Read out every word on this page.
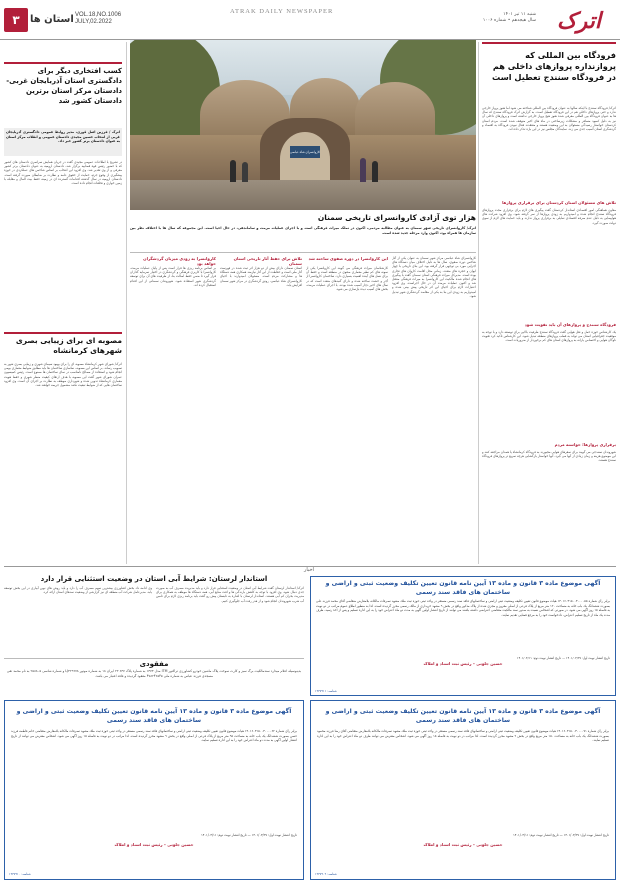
۳	استان ها VOL.18,NO.1006
JULY,02.2022
ATRAK DAILY NEWSPAPER	شنبه ۱۱ تیر ۱۴۰۱
سال هیجدهم • شماره ۱۰۰۶ اترک
فرودگاه بین المللی که پروازنداره پروازهای داخلی هم در فرودگاه سنندج تعطیل است
اترک/ فرودگاه سنندج با اینکه سالها به عنوان فرودگاه بین المللی شناخته می شود اما هنوز پرواز خارجی ندارد و حتی پروازهای داخلی هم در این فرودگاه تعطیل است. به گزارش اترک فرودگاه سنندج که سال ها به عنوان فرودگاه بین المللی معرفی شده هنوز هیچ پرواز خارجی نداشته است و پروازهای داخلی آن نیز به دلیل کمبود مسافر و مشکلات زیرساختی در ماه های اخیر متوقف شده است. مردم استان کردستان خواستار رسیدگی مسئولان به این وضعیت هستند و معتقدند فعال نبودن فرودگاه به اقتصاد و گردشگری استان آسیب جدی می زند. نمایندگان مجلس نیز در این باره تذکر داده اند.
تلاش های مسئولان استان کردستان برای برقراری پروازها
معاون هماهنگی امور اقتصادی استاندار کردستان گفت پیگیری های لازم برای برقراری مجدد پروازهای فرودگاه سنندج انجام شده و امیدواریم به زودی پروازها از سر گرفته شود. وی افزود شرکت های هواپیمایی به دلیل عدم صرفه اقتصادی تمایلی به برقراری پرواز ندارند و باید حمایت های لازم از سوی دولت صورت گیرد.
فرودگاه سنندج و پروازهای آن باید تقویت شود
یک کارشناس حوزه حمل و نقل هوایی گفت فرودگاه سنندج ظرفیت بالایی برای توسعه دارد و با توجه به موقعیت جغرافیایی استان می تواند به قطب پروازهای منطقه تبدیل شود. این کارشناس تاکید کرد تقویت ناوگان هوایی و اختصاص یارانه به پروازهای استان های کم برخوردار از ضروریات است.
برقراری پروازها؛ خواسته مردم
شهروندان سنندجی می گویند برای سفرهای هوایی مجبورند به فرودگاه کرمانشاه یا همدان مراجعه کنند و این موضوع هزینه و زمان زیادی از آنها می گیرد. آنها خواستار بازگشایی هرچه سریع تر پروازهای فرودگاه سنندج هستند.
کاروانسرای شاه عباسی
هزار توی آزادی کاروانسرای تاریخی سمنان
اترک/ کاروانسرای تاریخی شهر سمنان به عنوان مطالبه مردمی، اکنون در تملک میراث فرهنگی است و با اجرای عملیات مرمت و ساماندهی، در حال احیا است. این مجموعه که سال ها با اختلاف نظر بین سازمان ها همراه بود، اکنون وارد مرحله جدید شده است.
کاروانسرای شاه عباسی مرکز شهر سمنان به عنوان یکی از آثار شاخص دوره صفوی، سال ها به دلیل اختلاف میان دستگاه های اجرایی مورد بی توجهی قرار گرفته بود. این بنای تاریخی با چهار ایوان و حجره های متعدد، زمانی محل اقامت کاروان های تجاری بوده است. مدیرکل میراث فرهنگی استان سمنان گفت با پیگیری های انجام شده مالکیت این کاروانسرا به میراث فرهنگی منتقل شد و اکنون عملیات مرمت آن در حال اجراست. وی افزود اعتبارات لازم برای احیای این اثر تاریخی پیش بینی شده و امیدواریم به زودی این بنا به یکی از مقاصد گردشگری شهر تبدیل شود.
این کاروانسرا در دوره صفوی ساخته شد
کارشناسان میراث فرهنگی می گویند این کاروانسرا یکی از نمونه های کم نظیر معماری صفوی در منطقه است و حفظ آن برای نسل های آینده اهمیت بسیاری دارد. ساختمان کاروانسرا از آجر و خشت ساخته شده و دارای گنبدهای متعدد است که در سال های اخیر دچار آسیب شده بودند. با اجرای عملیات مرمت، بخش های آسیب دیده بازسازی می شود.
تلاش برای حفظ آثار تاریخی استان سمنان
استان سمنان دارای بیش از دو هزار اثر ثبت شده در فهرست آثار ملی است و حفاظت از این آثار نیازمند همکاری همه دستگاه ها و مشارکت مردم است. مسئولان امیدوارند با احیای کاروانسرای شاه عباسی، رونق گردشگری در مرکز شهر سمنان افزایش یابد.
کاروانسرا به زودی میزبان گردشگران خواهد بود
بر اساس برنامه ریزی ها قرار است پس از پایان عملیات مرمت، کاروانسرا با کاربری فرهنگی و گردشگری در اختیار سرمایه گذاران قرار گیرد تا ضمن حفظ اصالت بنا، از ظرفیت های آن برای توسعه گردشگری شهر استفاده شود. شهروندان سمنانی از این اقدام استقبال کرده اند.
کسب افتخاری دیگر برای دادگستری استان آذربایجان غربی- دادستان مرکز استان برترین دادستان کشور شد
اترک / فرزین اصل قوری، مدیر روابط عمومی دادگستری آذربایجان غربی از انتخاب حسین مجیدی دادستان عمومی و انقلاب مرکز استان به عنوان دادستان برتر کشور خبر داد.
در تشریح با اطلاعات عمومی مجیدی گفت در جریان همایش سراسری دادستان های کشور که با حضور رئیس قوه قضاییه برگزار شد، دادستان ارومیه به عنوان دادستان برتر کشور معرفی و از وی تقدیر شد. وی افزود این انتخاب بر اساس شاخص های عملکردی در حوزه پیشگیری از وقوع جرم، حمایت از حقوق عامه و نظارت بر ضابطان صورت گرفته است. دادستان ارومیه در سال گذشته اقدامات گسترده ای در زمینه حفظ بیت المال و مقابله با زمین خواری و تخلفات انجام داده است.
مصوبه ای برای زیبایی بصری شهرهای کرمانشاه
اترک/ شورای شهر کرمانشاه مصوبه ای را برای بهبود سیمای شهری و زیبایی بصری شهر به تصویب رساند. بر اساس این مصوبه، نماسازی ساختمان ها باید مطابق ضوابط معماری بومی انجام شود و استفاده از مصالح نامناسب در نمای ساختمان ها ممنوع است. رئیس کمیسیون عمران شورای شهر گفت این مصوبه با هدف ارتقای کیفیت منظر شهری و حفظ هویت معماری کرمانشاه تدوین شده و شهرداری موظف به نظارت بر اجرای آن است. وی افزود ساختمان هایی که از ضوابط تبعیت نکنند مشمول جریمه خواهند شد.
اخبار
استاندار لرستان: شرایط آبی استان در وضعیت استثنایی قرار دارد
اترک/ استاندار لرستان گفت شرایط آبی استان در وضعیت استثنایی قرار دارد و باید مدیریت مصرف آب به صورت جدی دنبال شود. وی افزود با توجه به کاهش بارندگی ها و افت منابع آبی، همه دستگاه ها موظف به همکاری برای مدیریت بحران کم آبی هستند. استاندار لرستان با اشاره به تابستان پیش رو گفت باید برنامه ریزی لازم برای تامین آب شرب شهروندان انجام شود و از هدر رفت آب جلوگیری کنیم.
وی ادامه داد بخش کشاورزی بیشترین سهم مصرف آب را دارد و باید روش های نوین آبیاری در این بخش توسعه یابد. مدیرعامل شرکت آب منطقه ای نیز گزارشی از وضعیت سدهای استان ارائه کرد.
مفقودی
بدینوسیله اعلام میدارد سندمالکیت برگ سبز و کارت سوخت پلاک ماشین خودرو کشاورزی تراکتور ITM مدل ۱۳۷۳ به شماره پلاک ۶۳۷ ۲۳ ایران ۱۸ به شماره موتور LJ۳۲۹۹۷۸ و شماره شاسی ۲۵۸۸۰۵ به نام محمد تقی مسجدی فرزند عباس به شماره ملی ۴۷۸۲۴۶۵۴۵ مفقود گردیده و فاقد اعتبار می باشد.
آگهی موضوع ماده ۳ قانون و ماده ۱۳ آیین نامه قانون تعیین تکلیف وضعیت ثبتی و اراضی و ساختمان های فاقد سند رسمی
برابر رأی شماره ۱۴۰۱۶۰۳۱۵۰۰۳۰۰۰۰۵۵ هیات موضوع قانون تعیین تکلیف وضعیت ثبتی اراضی و ساختمانهای فاقد سند رسمی مستقر در واحد ثبتی حوزه ثبت ملک مشهد تصرفات مالکانه بلامعارض متقاضی آقای محمد فرزند علی بصورت ششدانگ یک باب خانه به مساحت ۱۲۰ متر مربع از پلاک فرعی از اصلی مفروز و مجزی شده از پلاک مذکور واقع در بخش ۹ مشهد خریداری از مالک رسمی محرز گردیده است. لذا به منظور اطلاع عموم مراتب در دو نوبت به فاصله ۱۵ روز آگهی می شود. در صورتی که اشخاص نسبت به صدور سند مالکیت متقاضی اعتراضی داشته باشند می توانند از تاریخ انتشار اولین آگهی به مدت دو ماه اعتراض خود را به این اداره تسلیم و پس از اخذ رسید، ظرف مدت یک ماه از تاریخ تسلیم اعتراض، دادخواست خود را به مرجع قضایی تقدیم نمایند.
تاریخ انتشار نوبت اول: ۱۴۰۱/۰۳/۲۷ — تاریخ انتشار نوبت دوم: ۱۴۰۱/۰۴/۱۱
حسین جلوتی – رئیس ثبت اسناد و املاک
شناسه: ۱۳۳۷۹۱۱
آگهی موضوع ماده ۳ قانون و ماده ۱۳ آیین نامه قانون تعیین تکلیف وضعیت ثبتی و اراضی و ساختمان های فاقد سند رسمی
برابر رأی شماره ۱۴۰۱۶۰۳۱۵۰۰۳۰۰۰۰۶۲ هیات موضوع قانون تعیین تکلیف وضعیت ثبتی اراضی و ساختمانهای فاقد سند رسمی مستقر در واحد ثبتی حوزه ثبت ملک مشهد تصرفات مالکانه بلامعارض متقاضی خانم فاطمه فرزند حسن بصورت ششدانگ یک باب خانه به مساحت ۹۵ متر مربع از پلاک فرعی از اصلی واقع در بخش ۹ مشهد محرز گردیده است. لذا مراتب در دو نوبت به فاصله ۱۵ روز آگهی می شود. اشخاص معترض می توانند از تاریخ انتشار اولین آگهی به مدت دو ماه اعتراض خود را به این اداره تسلیم نمایند.
تاریخ انتشار نوبت اول: ۱۴۰۱/۰۳/۲۷ — تاریخ انتشار نوبت دوم: ۱۴۰۱/۰۴/۱۱
حسین جلوتی – رئیس ثبت اسناد و املاک
شناسه: ۱۳۳۷۹۱۰
آگهی موضوع ماده ۳ قانون و ماده ۱۳ آیین نامه قانون تعیین تکلیف وضعیت ثبتی و اراضی و ساختمان های فاقد سند رسمی
برابر رأی شماره ۱۴۰۱۶۰۳۱۵۰۰۳۰۰۰۰۷۱ هیات موضوع قانون تعیین تکلیف وضعیت ثبتی اراضی و ساختمانهای فاقد سند رسمی مستقر در واحد ثبتی حوزه ثبت ملک مشهد تصرفات مالکانه بلامعارض متقاضی آقای رضا فرزند محمود بصورت ششدانگ یک باب خانه به مساحت ۱۵۰ متر مربع واقع در بخش ۹ مشهد محرز گردیده است. لذا مراتب در دو نوبت به فاصله ۱۵ روز آگهی می شود. اشخاص معترض می توانند ظرف دو ماه اعتراض خود را به این اداره تسلیم نمایند.
تاریخ انتشار نوبت اول: ۱۴۰۱/۰۳/۲۷ — تاریخ انتشار نوبت دوم: ۱۴۰۱/۰۴/۱۱
حسین جلوتی – رئیس ثبت اسناد و املاک
شناسه: ۱۳۳۷۹۰۹
